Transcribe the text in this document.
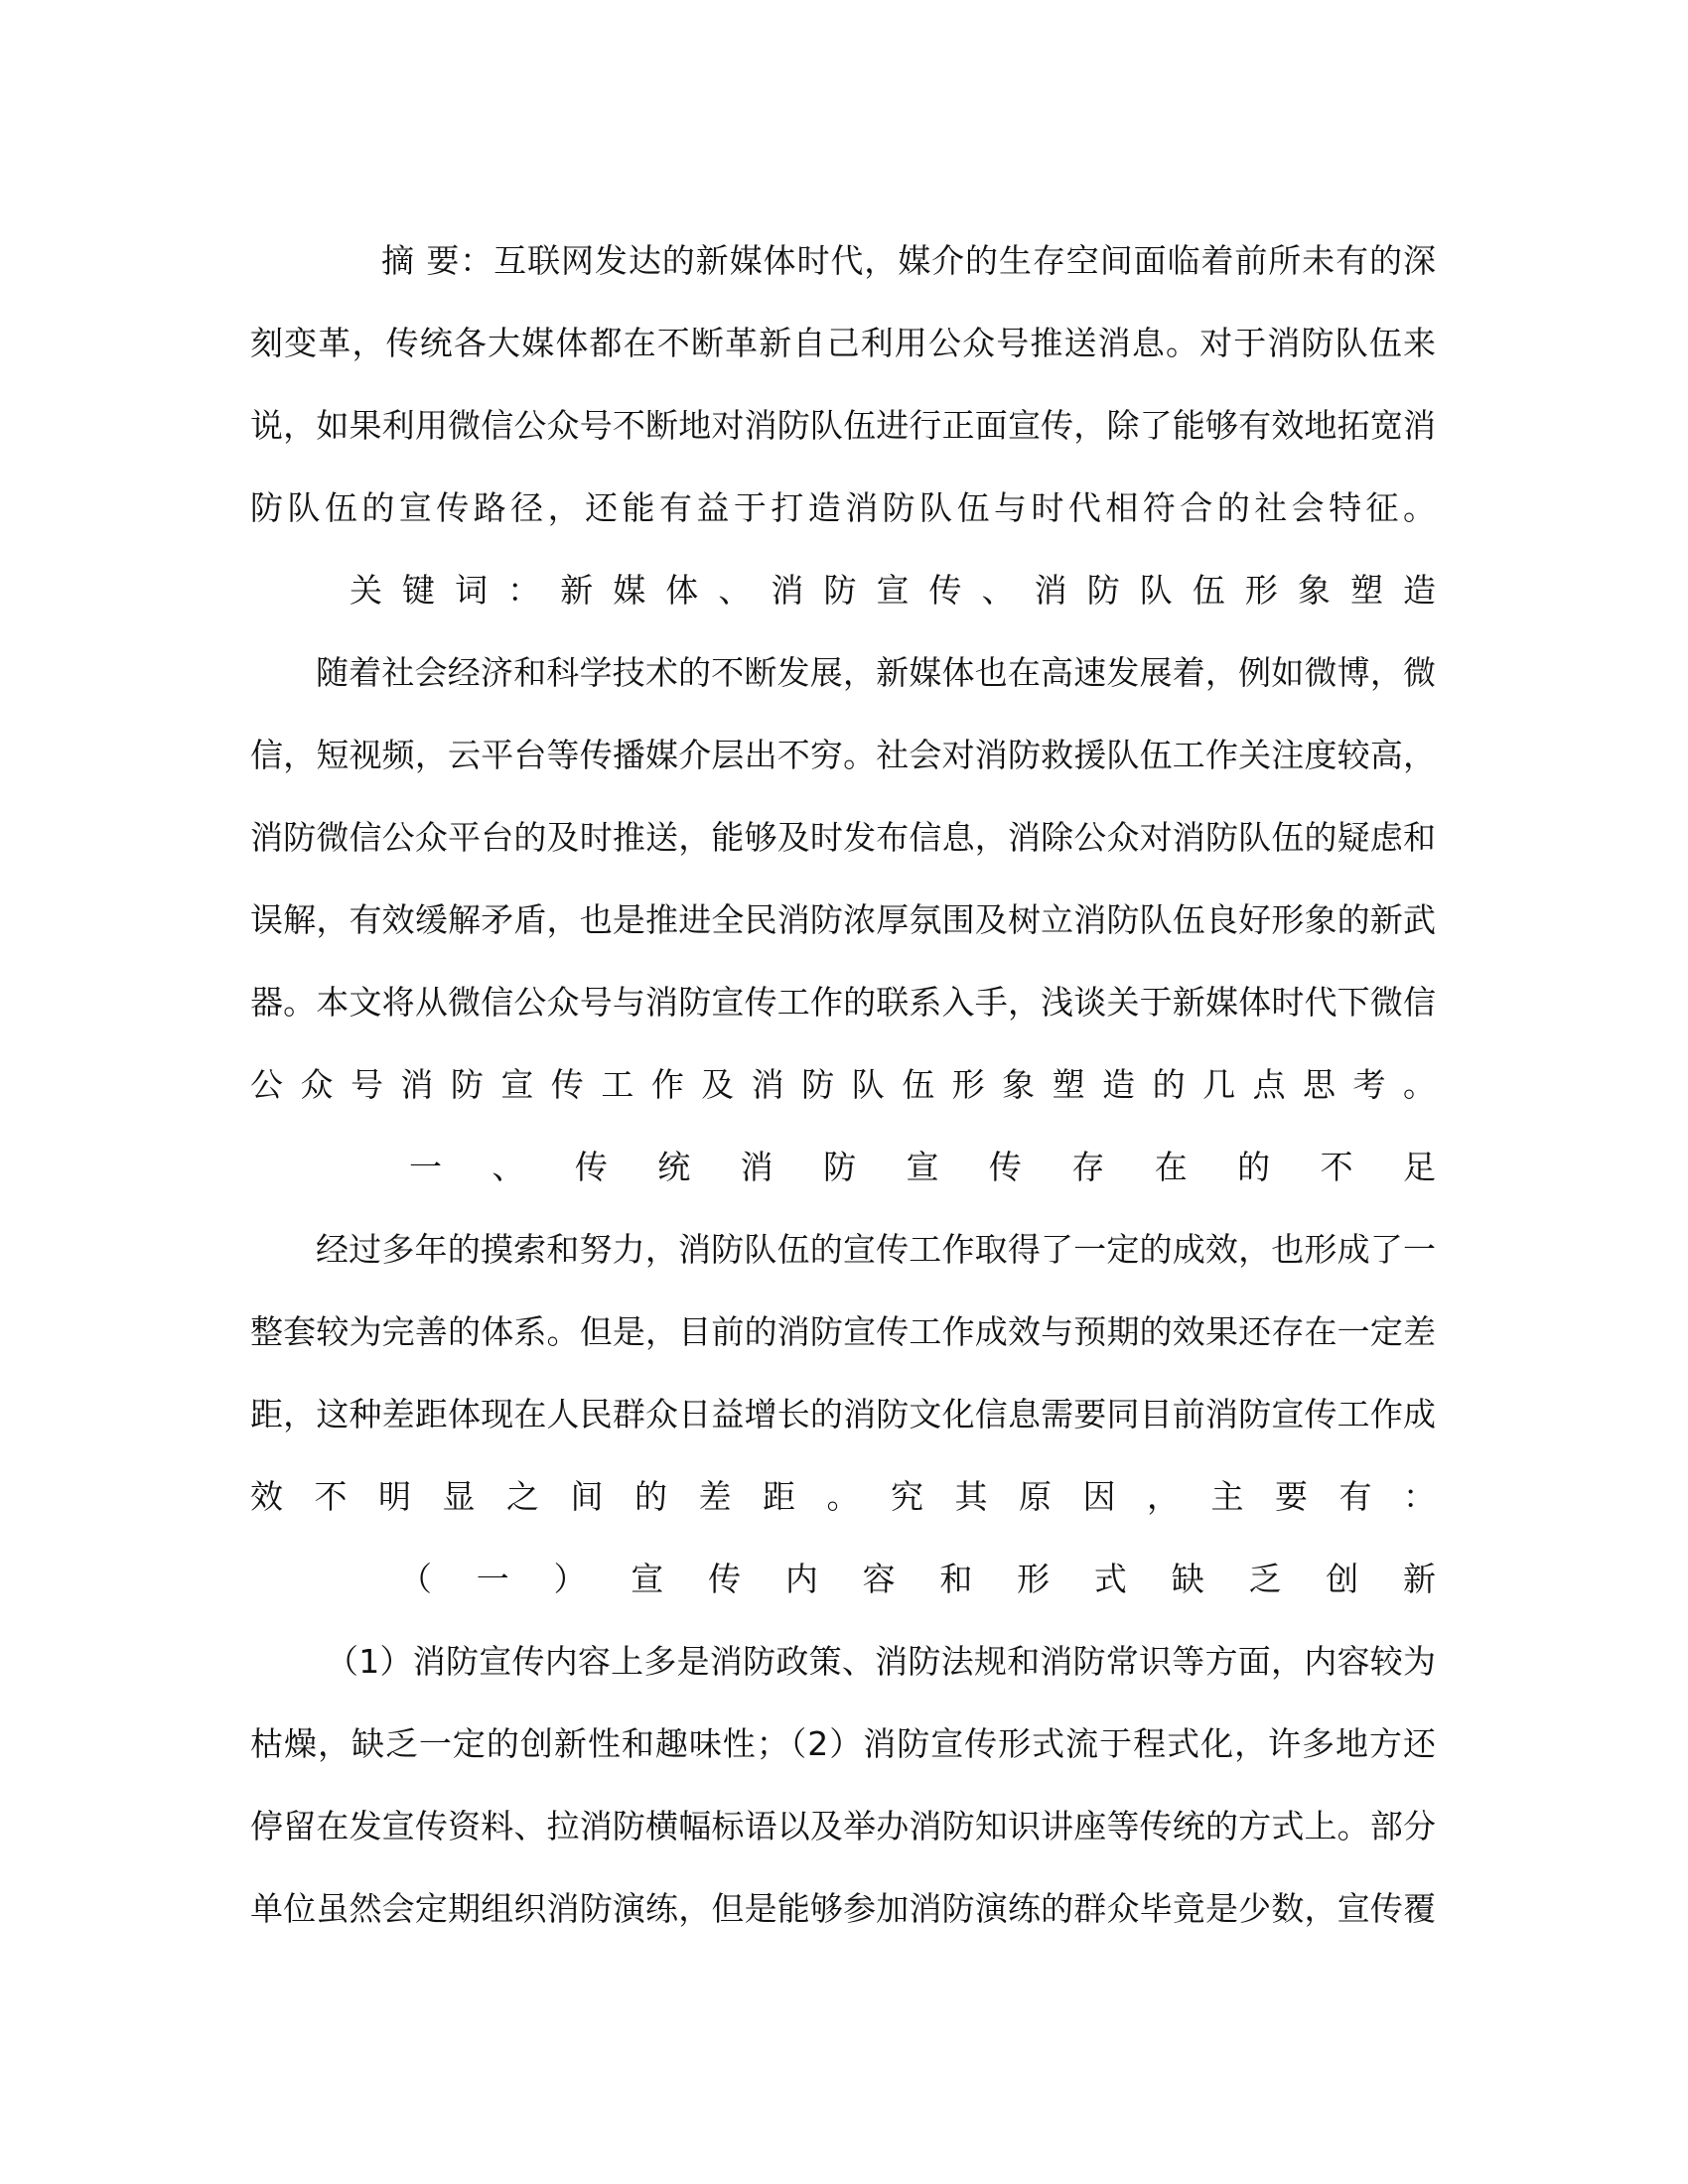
摘 要：互联网发达的新媒体时代，媒介的生存空间面临着前所未有的深
刻变革，传统各大媒体都在不断革新自己利用公众号推送消息。对于消防队伍来
说，如果利用微信公众号不断地对消防队伍进行正面宣传，除了能够有效地拓宽消
防队伍的宣传路径，还能有益于打造消防队伍与时代相符合的社会特征。
关键词：新媒体、消防宣传、消防队伍形象塑造
随着社会经济和科学技术的不断发展，新媒体也在高速发展着，例如微博，微
信，短视频，云平台等传播媒介层出不穷。社会对消防救援队伍工作关注度较高，
消防微信公众平台的及时推送，能够及时发布信息，消除公众对消防队伍的疑虑和
误解，有效缓解矛盾，也是推进全民消防浓厚氛围及树立消防队伍良好形象的新武
器。本文将从微信公众号与消防宣传工作的联系入手，浅谈关于新媒体时代下微信
公众号消防宣传工作及消防队伍形象塑造的几点思考。
一、传统消防宣传存在的不足
经过多年的摸索和努力，消防队伍的宣传工作取得了一定的成效，也形成了一
整套较为完善的体系。但是，目前的消防宣传工作成效与预期的效果还存在一定差
距，这种差距体现在人民群众日益增长的消防文化信息需要同目前消防宣传工作成
效不明显之间的差距。究其原因，主要有：
（一）宣传内容和形式缺乏创新
（1）消防宣传内容上多是消防政策、消防法规和消防常识等方面，内容较为
枯燥，缺乏一定的创新性和趣味性；（2）消防宣传形式流于程式化，许多地方还
停留在发宣传资料、拉消防横幅标语以及举办消防知识讲座等传统的方式上。部分
单位虽然会定期组织消防演练，但是能够参加消防演练的群众毕竟是少数，宣传覆
